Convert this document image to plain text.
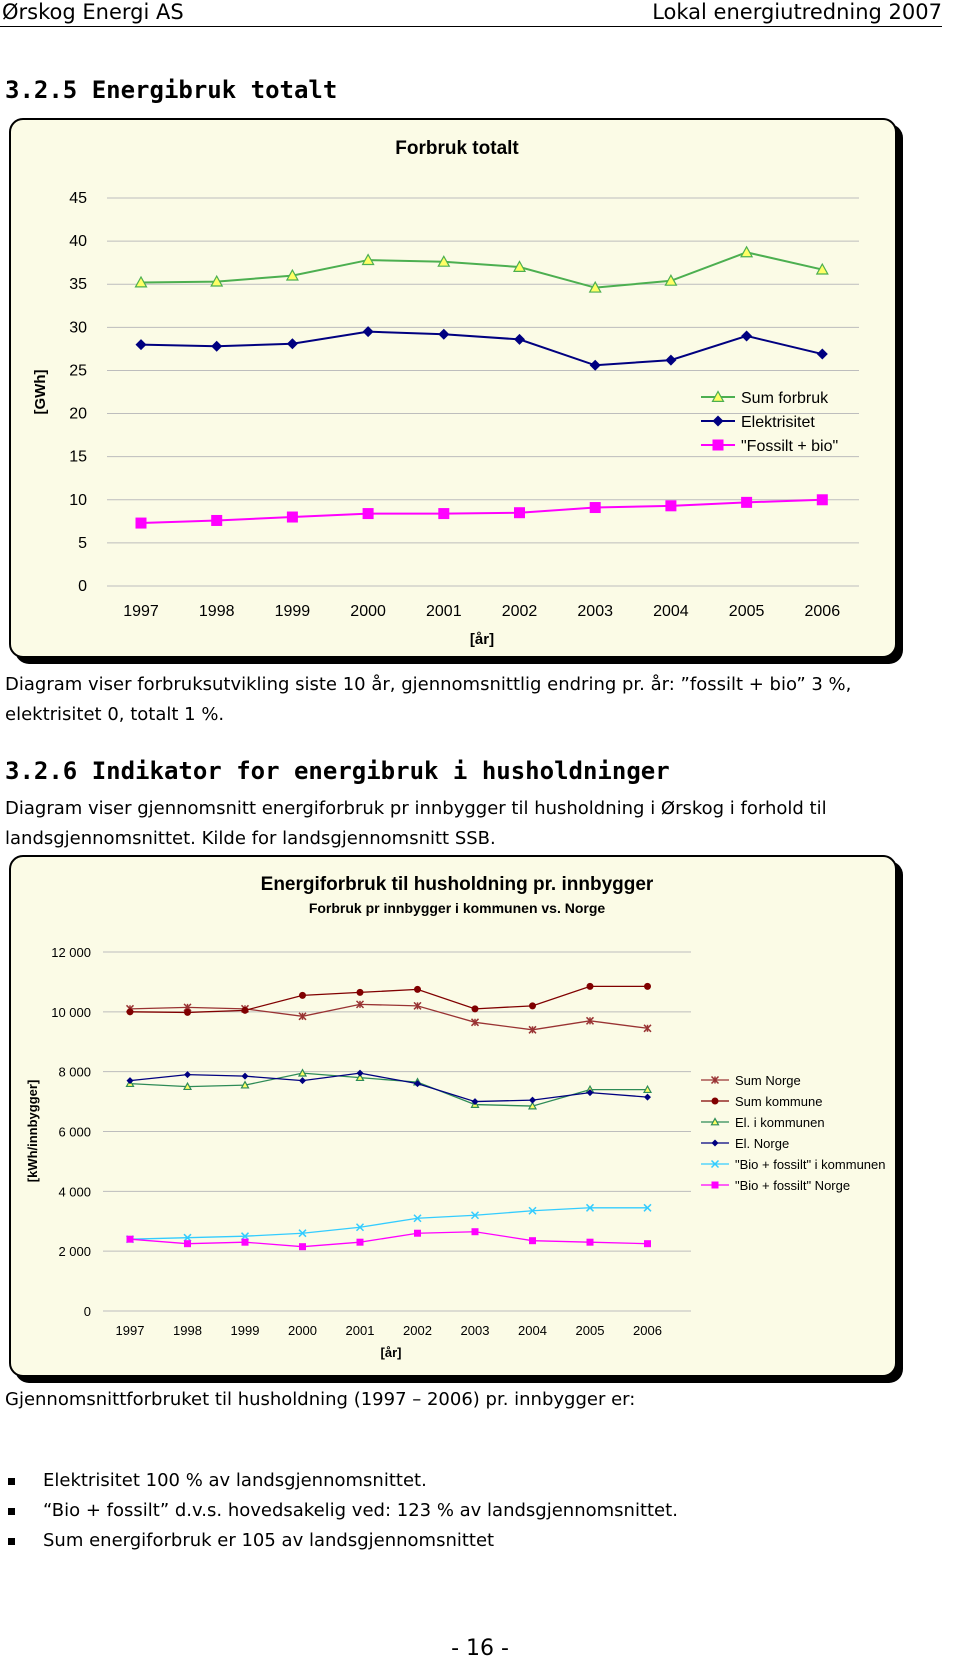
Ørskog Energi AS	Lokal energiutredning 2007
3.2.5 Energibruk totalt
Forbruk totalt
0
5
10
15
20
25
30
35
40
45
1997	1998	1999	2000	2001	2002	2003	2004	2005	2006
[år]
[GWh]	Sum forbruk
Elektrisitet
"Fossilt + bio"

Diagram viser forbruksutvikling siste 10 år, gjennomsnittlig endring pr. år: ”fossilt + bio” 3 %,

elektrisitet 0, totalt 1 %.

3.2.6 Indikator for energibruk i husholdninger

Diagram viser gjennomsnitt energiforbruk pr innbygger til husholdning i Ørskog i forhold til

landsgjennomsnittet. Kilde for landsgjennomsnitt SSB.

Energiforbruk til husholdning pr. innbygger
Forbruk pr innbygger i kommunen vs. Norge
0
2 000
4 000
6 000
8 000
10 000
12 000
1997 1998 1999 2000 2001 2002 2003 2004 2005 2006
[år]
[kWh/innbygger]	Sum Norge
Sum kommune
El. i kommunen
El. Norge
"Bio + fossilt" i kommunen
"Bio + fossilt" Norge

Gjennomsnittforbruket til husholdning (1997 – 2006) pr. innbygger er:

Elektrisitet 100 % av landsgjennomsnittet.
“Bio + fossilt” d.v.s. hovedsakelig ved: 123 % av landsgjennomsnittet.
Sum energiforbruk er 105 av landsgjennomsnittet
- 16 -
